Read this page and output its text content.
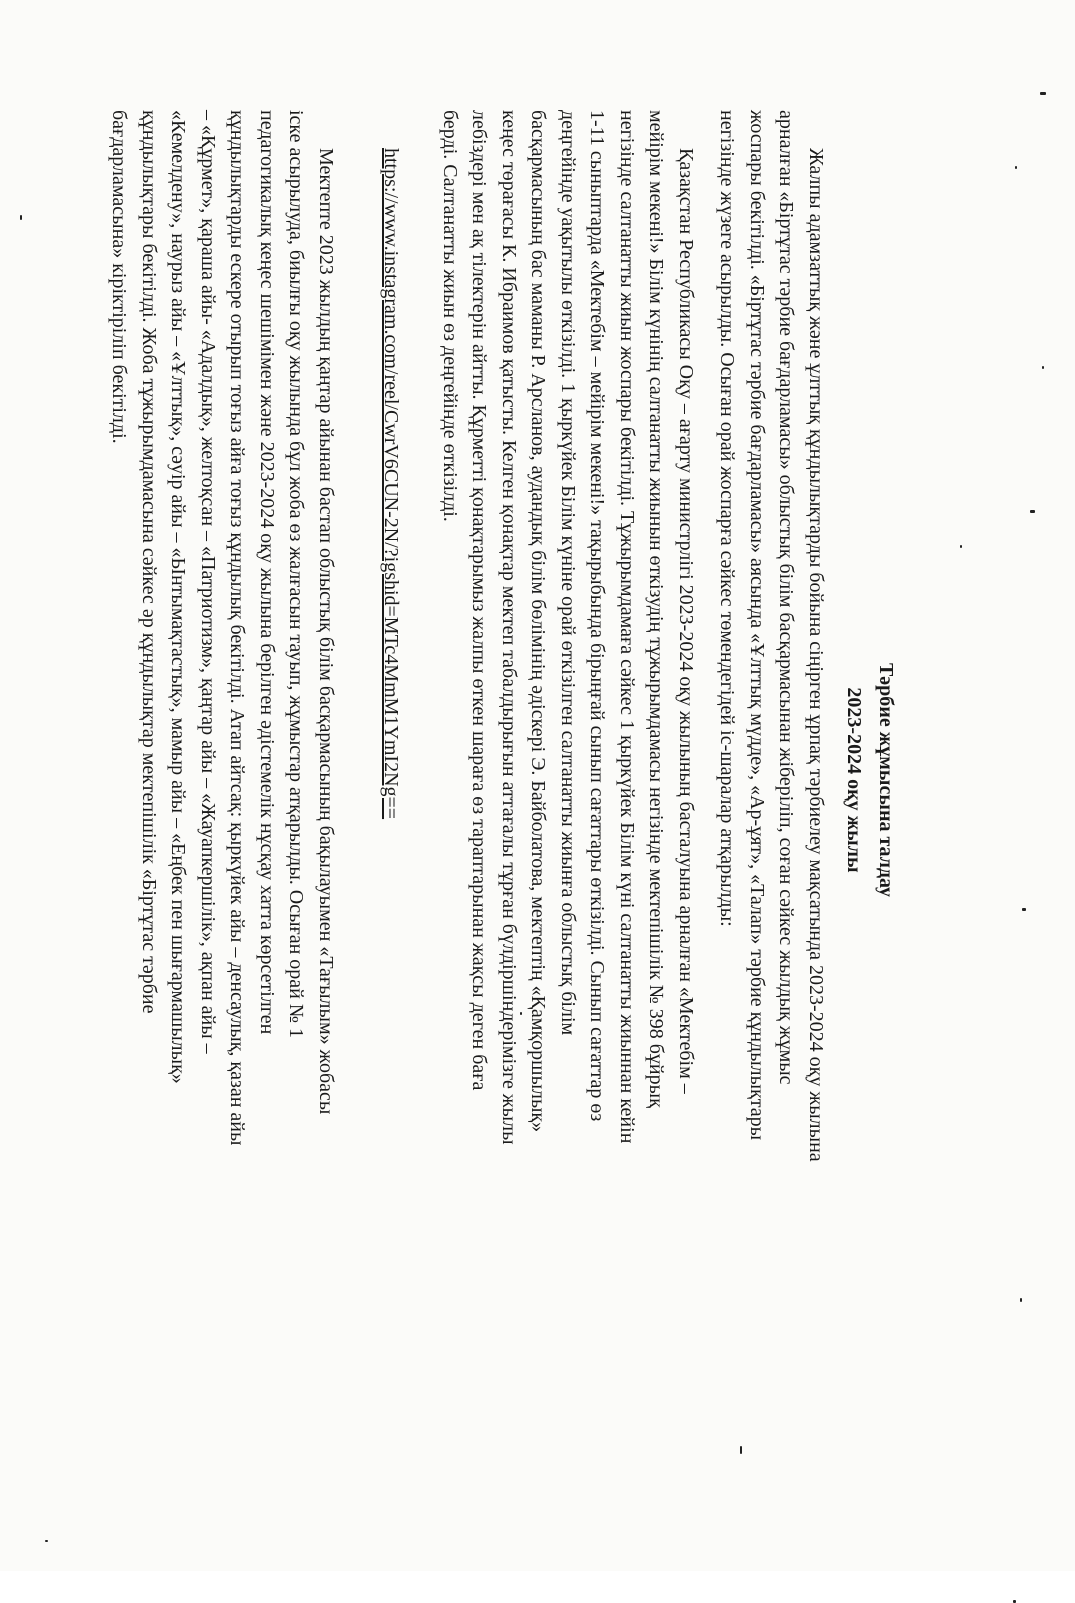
Тәрбие жұмысына талдау
2023-2024 оқу жылы
Жалпы адамзаттық және ұлттық құндылықтарды бойына сіңірген ұрпақ тәрбиелеу мақсатында 2023-2024 оқу жылына
арналған «Біртұтас тәрбие бағдарламасы» облыстық білім басқармасынан жіберіліп, соған сәйкес жылдық жұмыс
жоспары бекітілді. «Біртұтас тәрбие бағдарламасы» аясында «Ұлттық мүдде», «Ар-ұят», «Талап» тәрбие құндылықтары
негізінде жүзеге асырылды. Осыған орай жоспарға сәйкес төмендегідей іс-шаралар атқарылды:
Қазақстан Республикасы Оқу – ағарту министрлігі 2023-2024 оқу жылының басталуына арналған «Мектебім –
мейірім мекені!» Білім күнінің салтанатты жиынын өткізудің тұжырымдамасы негізінде мектепішілік № 398 бұйрық
негізінде салтанатты жиын жоспары бекітілді. Тұжырымдамаға сәйкес 1 қыркүйек Білім күні салтанатты жиыннан кейін
1-11 сыныптарда «Мектебім – мейірім мекені!» тақырыбында бірыңғай сынып сағаттары өткізілді. Сынып сағаттар өз
деңгейінде уақытылы өткізілді. 1 қыркүйек Білім күніне орай өткізілген салтанатты жиынға облыстық білім
басқармасының бас маманы Р. Арсланов, аудандық білім бөлімінің әдіскері Э. Байболатова, мектептің «Қамқоршылық»
кеңес төрағасы К. Ибраимов қатысты. Келген қонақтар мектеп табалдырығын аттағалы тұрған бүлдіршіндерімізге жылы
лебіздері мен ақ тілектерін айтты. Құрметті қонақтарымыз жалпы өткен шараға өз тараптарынан жақсы деген баға
берді. Салтанатты жиын өз деңгейінде өткізілді.
https://www.instagram.com/reel/CwrV6CUN-2N/?igshid=MTc4MmM1YmI2Ng==
Мектепте 2023 жылдың қаңтар айынан бастап облыстық білім басқармасының бақылауымен «Тағылым» жобасы
іске асырылуда, биылғы оқу жылында бұл жоба өз жалғасын тауып, жұмыстар атқарылды. Осыған орай № 1
педагогикалық кеңес шешімімен және 2023-2024 оқу жылына берілген әдістемелік нұсқау хатта көрсетілген
құндылықтарды ескере отырып тоғыз айға тоғыз құндылық бекітілді. Атап айтсақ: қыркүйек айы – денсаулық, қазан айы
– «Құрмет», қараша айы- «Адалдық», желтоқсан – «Патриотизм», қаңтар айы – «Жауапкершілік», ақпан айы –
«Кемелдену», наурыз айы – «Ұлттық», сәуір айы – «Ынтымақтастық», мамыр айы – «Еңбек пен шығармашылық»
құндылықтары бекітілді. Жоба тұжырымдамасына сәйкес әр құндылықтар мектепішілік «Біртұтас тәрбие
бағдарламасына» кіріктіріліп бекітілді.
